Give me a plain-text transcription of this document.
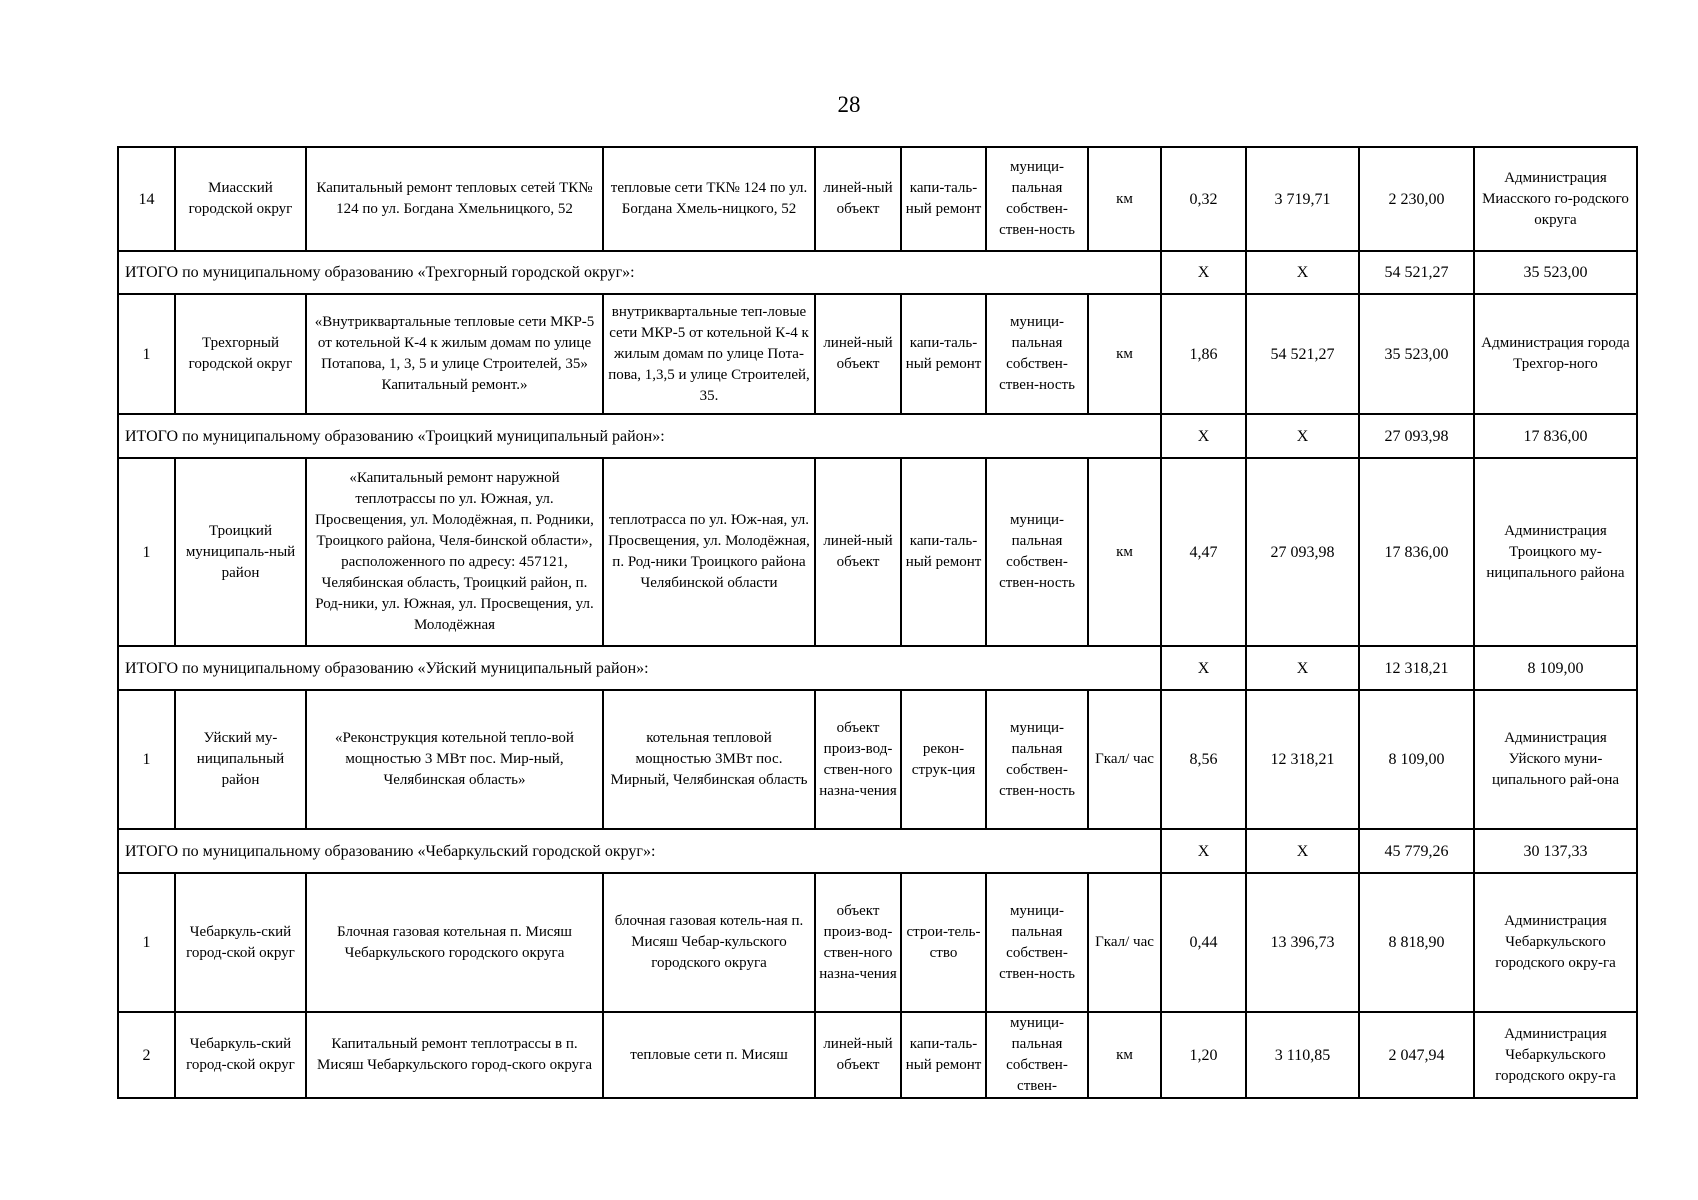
28
14	Миасский городской округ	Капитальный ремонт тепловых сетей ТК№ 124 по ул. Богдана Хмельницкого, 52	тепловые сети ТК№ 124 по ул. Богдана Хмель-ницкого, 52	линей-ный объект	капи-таль-ный ремонт	муници-пальная собствен-ствен-ность	км	0,32	3 719,71	2 230,00	Администрация Миасского го-родского округа	
ИТОГО по муниципальному образованию «Трехгорный городской округ»:								X	X	54 521,27	35 523,00	
1	Трехгорный городской округ	«Внутриквартальные тепловые сети МКР-5 от котельной К-4 к жилым домам по улице Потапова, 1, 3, 5 и улице Строителей, 35» Капитальный ремонт.»	внутриквартальные теп-ловые сети МКР-5 от котельной К-4 к жилым домам по улице Пота-пова, 1,3,5 и улице Строителей, 35.	линей-ный объект	капи-таль-ный ремонт	муници-пальная собствен-ствен-ность	км	1,86	54 521,27	35 523,00	Администрация города Трехгор-ного	
ИТОГО по муниципальному образованию «Троицкий муниципальный район»:								X	X	27 093,98	17 836,00	
1	Троицкий муниципаль-ный район	«Капитальный ремонт наружной теплотрассы по ул. Южная, ул. Просвещения, ул. Молодёжная, п. Родники, Троицкого района, Челя-бинской области», расположенного по адресу: 457121, Челябинская область, Троицкий район, п. Род-ники, ул. Южная, ул. Просвещения, ул. Молодёжная	теплотрасса по ул. Юж-ная, ул. Просвещения, ул. Молодёжная, п. Род-ники Троицкого района Челябинской области	линей-ный объект	капи-таль-ный ремонт	муници-пальная собствен-ствен-ность	км	4,47	27 093,98	17 836,00	Администрация Троицкого му-ниципального района	
ИТОГО по муниципальному образованию «Уйский муниципальный район»:								X	X	12 318,21	8 109,00	
1	Уйский му-ниципальный район	«Реконструкция котельной тепло-вой мощностью 3 МВт пос. Мир-ный, Челябинская область»	котельная тепловой мощностью 3МВт пос. Мирный, Челябинская область	объект произ-вод-ствен-ного назна-чения	рекон-струк-ция	муници-пальная собствен-ствен-ность	Гкал/ час	8,56	12 318,21	8 109,00	Администрация Уйского муни-ципального рай-она	
ИТОГО по муниципальному образованию «Чебаркульский городской округ»:								X	X	45 779,26	30 137,33	
1	Чебаркуль-ский город-ской округ	Блочная газовая котельная п. Мисяш Чебаркульского городского округа	блочная газовая котель-ная п. Мисяш Чебар-кульского городского округа	объект произ-вод-ствен-ного назна-чения	строи-тель-ство	муници-пальная собствен-ствен-ность	Гкал/ час	0,44	13 396,73	8 818,90	Администрация Чебаркульского городского окру-га	
2	Чебаркуль-ский город-ской округ	Капитальный ремонт теплотрассы в п. Мисяш Чебаркульского город-ского округа	тепловые сети п. Мисяш	линей-ный объект	капи-таль-ный ремонт	муници-пальная собствен-ствен-	км	1,20	3 110,85	2 047,94	Администрация Чебаркульского городского окру-га	
